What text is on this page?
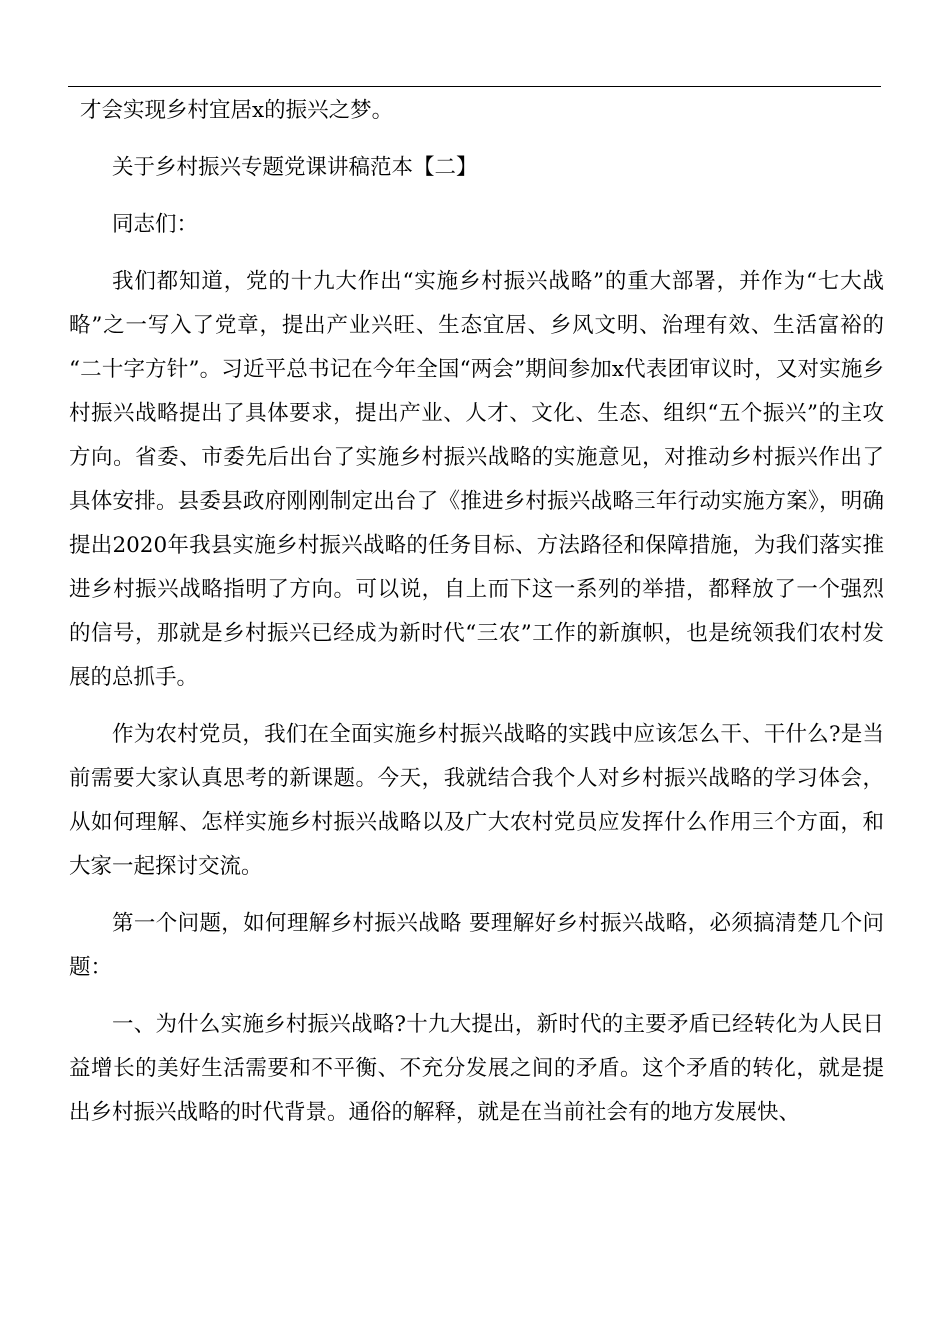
才会实现乡村宜居x的振兴之梦。

关于乡村振兴专题党课讲稿范本【二】

同志们：

我们都知道，党的十九大作出“实施乡村振兴战略”的重大部署，并作为“七大战略”之一写入了党章，提出产业兴旺、生态宜居、乡风文明、治理有效、生活富裕的 “二十字方针”。习近平总书记在今年全国“两会”期间参加x代表团审议时，又对实施乡村振兴战略提出了具体要求，提出产业、人才、文化、生态、组织“五个振兴”的主攻方向。省委、市委先后出台了实施乡村振兴战略的实施意见，对推动乡村振兴作出了具体安排。县委县政府刚刚制定出台了《推进乡村振兴战略三年行动实施方案》，明确提出2020年我县实施乡村振兴战略的任务目标、方法路径和保障措施，为我们落实推进乡村振兴战略指明了方向。可以说，自上而下这一系列的举措，都释放了一个强烈的信号，那就是乡村振兴已经成为新时代“三农”工作的新旗帜，也是统领我们农村发展的总抓手。

作为农村党员，我们在全面实施乡村振兴战略的实践中应该怎么干、干什么?是当前需要大家认真思考的新课题。今天，我就结合我个人对乡村振兴战略的学习体会，从如何理解、怎样实施乡村振兴战略以及广大农村党员应发挥什么作用三个方面，和大家一起探讨交流。

第一个问题，如何理解乡村振兴战略 要理解好乡村振兴战略，必须搞清楚几个问题：

一、为什么实施乡村振兴战略?十九大提出，新时代的主要矛盾已经转化为人民日益增长的美好生活需要和不平衡、不充分发展之间的矛盾。这个矛盾的转化，就是提出乡村振兴战略的时代背景。通俗的解释，就是在当前社会有的地方发展快、
